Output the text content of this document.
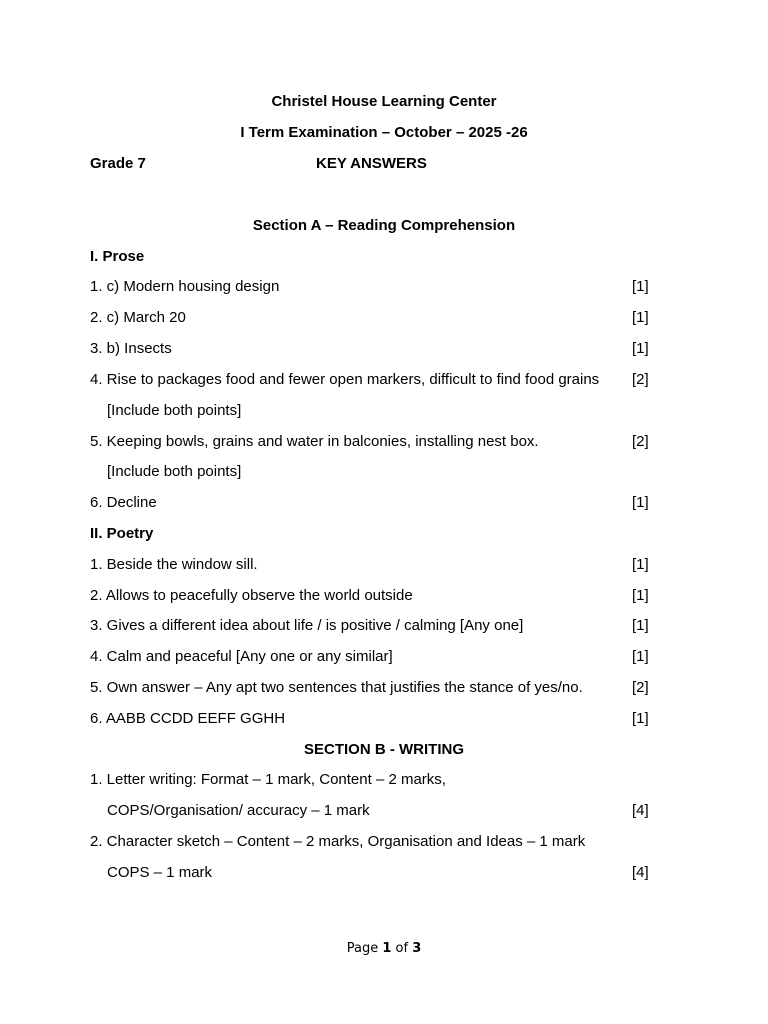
Christel House Learning Center
I Term Examination – October – 2025 -26
Grade 7	KEY ANSWERS
Section A – Reading Comprehension
I. Prose
1. c) Modern housing design	[1]
2. c) March 20	[1]
3. b) Insects	[1]
4. Rise to packages food and fewer open markers, difficult to find food grains [2]
[Include both points]
5. Keeping bowls, grains and water in balconies, installing nest box.	[2]
[Include both points]
6. Decline	[1]
II. Poetry
1. Beside the window sill.	[1]
2. Allows to peacefully observe the world outside	[1]
3. Gives a different idea about life / is positive / calming [Any one]	[1]
4. Calm and peaceful [Any one or any similar]	[1]
5. Own answer – Any apt two sentences that justifies the stance of yes/no.	[2]
6. AABB CCDD EEFF GGHH	[1]
SECTION B - WRITING
1. Letter writing: Format – 1 mark, Content – 2 marks,
COPS/Organisation/ accuracy – 1 mark	[4]
2. Character sketch – Content – 2 marks, Organisation and Ideas – 1 mark
COPS – 1 mark	[4]
Page 1 of 3
